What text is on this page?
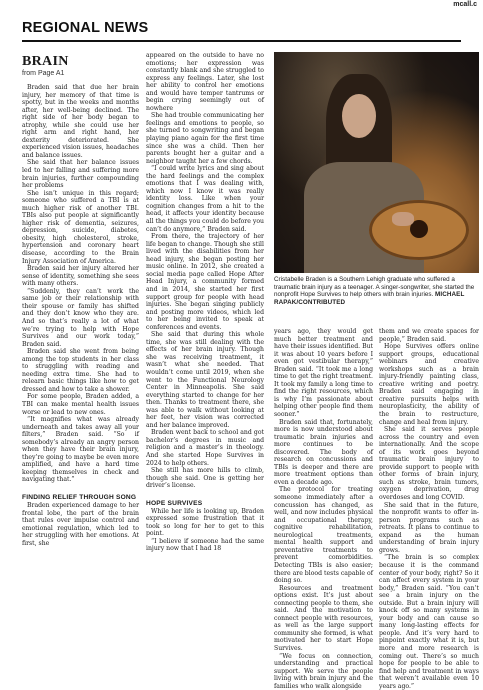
mcall.c
REGIONAL NEWS
BRAIN
from Page A1

Braden said that due her brain injury, her memory of that time is spotty, but in the weeks and months after, her well-being declined. The right side of her body began to atrophy, while she could use her right arm and right hand, her dexterity deteriorated. She experienced vision issues, headaches and balance issues.

She said that her balance issues led to her falling and suffering more brain injuries, further compounding her problems

She isn’t unique in this regard; someone who suffered a TBI is at much higher risk of another TBI. TBIs also put people at significantly higher risk of dementia, seizures, depression, suicide, diabetes, obesity, high cholesterol, stroke, hypertension and coronary heart disease, according to the Brain Injury Association of America.

Braden said her injury altered her sense of identity, something she sees with many others.

“Suddenly, they can’t work the same job or their relationship with their spouse or family has shifted and they don’t know who they are. And so that’s really a lot of what we’re trying to help with Hope Survives and our work today,” Braden said.

Braden said she went from being among the top students in her class to struggling with reading and needing extra time. She had to relearn basic things like how to get dressed and how to take a shower.

For some people, Braden added, a TBI can make mental health issues worse or lead to new ones.

“It magnifies what was already underneath and takes away all your filters,” Braden said. “So if somebody’s already an angry person when they have their brain injury, they’re going to maybe be even more amplified, and have a hard time keeping themselves in check and navigating that.”

FINDING RELIEF THROUGH SONG

Braden experienced damage to her frontal lobe, the part of the brain that rules over impulse control and emotional regulation, which led to her struggling with her emotions. At first, she

appeared on the outside to have no emotions; her expression was constantly blank and she struggled to express any feelings. Later, she lost her ability to control her emotions and would have temper tantrums or begin crying seemingly out of nowhere

She had trouble communicating her feelings and emotions to people, so she turned to songwriting and began playing piano again for the first time since she was a child. Then her parents bought her a guitar and a neighbor taught her a few chords.

“I could write lyrics and sing about the hard feelings and the complex emotions that I was dealing with, which now I know it was really identity loss. Like when your cognition changes from a hit to the head, it affects your identity because all the things you could do before you can’t do anymore,” Braden said.

From there, the trajectory of her life began to change. Though she still lived with the disabilities from her head injury, she began posting her music online. In 2012, she created a social media page called Hope After Head Injury, a community formed and in 2014, she started her first support group for people with head injuries. She began singing publicly and posting more videos, which led to her being invited to speak at conferences and events.

She said that during this whole time, she was still dealing with the effects of her brain injury. Though she was receiving treatment, it wasn’t what she needed. That wouldn’t come until 2019, when she went to the Functional Neurology Center in Minneapolis. She said everything started to change for her then. Thanks to treatment there, she was able to walk without looking at her feet, her vision was corrected and her balance improved.

Braden went back to school and got bachelor’s degrees in music and religion and a master’s in theology. And she started Hope Survives in 2024 to help others.

She still has more hills to climb, though she said. One is getting her driver’s license.

HOPE SURVIVES

While her life is looking up, Braden expressed some frustration that it took so long for her to get to this point.

“I believe if someone had the same injury now that I had 18

Cristabelle Braden is a Southern Lehigh graduate who suffered a traumatic brain injury as a teenager. A singer-songwriter, she started the nonprofit Hope Survives to help others with brain injuries. MICHAEL RAPAK/CONTRIBUTED

years ago, they would get much better treatment and have their issues identified. But it was about 10 years before I even got vestibular therapy,” Braden said. “It took me a long time to get the right treatment. It took my family a long time to find the right resources, which is why I’m passionate about helping other people find them sooner.”

Braden said that, fortunately, more is now understood about traumatic brain injuries and more continues to be discovered. The body of research on concussions and TBIs is deeper and there are more treatment options than even a decade ago.

The protocol for treating someone immediately after a concussion has changed, as well, and now includes physical and occupational therapy, cognitive rehabilitation, neurological treatments, mental health support and preventative treatments to prevent comorbidities. Detecting TBIs is also easier; there are blood tests capable of doing so.

Resources and treatment options exist. It’s just about connecting people to them, she said. And the motivation to connect people with resources, as well as the large support community she formed, is what motivated her to start Hope Survives.

“We focus on connection, understanding and practical support. We serve the people living with brain injury and the families who walk alongside

them and we create spaces for people,” Braden said.

Hope Survives offers online support groups, educational webinars and creative workshops such as a brain injury-friendly painting class, creative writing and poetry. Braden said engaging in creative pursuits helps with neuroplasticity, the ability of the brain to restructure, change and heal from injury.

She said it serves people across the country and even internationally. And the scope of its work goes beyond traumatic brain injury to provide support to people with other forms of brain injury, such as stroke, brain tumors, oxygen deprivation, drug overdoses and long COVID.

She said that in the future, the nonprofit wants to offer in-person programs such as retreats. It plans to continue to expand as the human understanding of brain injury grows.

“The brain is so complex because it is the command center of your body, right? So it can affect every system in your body,” Braden said. “You can’t see a brain injury on the outside. But a brain injury will knock off so many systems in your body and can cause so many long-lasting effects for people. And it’s very hard to pinpoint exactly what it is, but more and more research is coming out. There’s so much hope for people to be able to find help and treatment in ways that weren’t available even 10 years ago.”
